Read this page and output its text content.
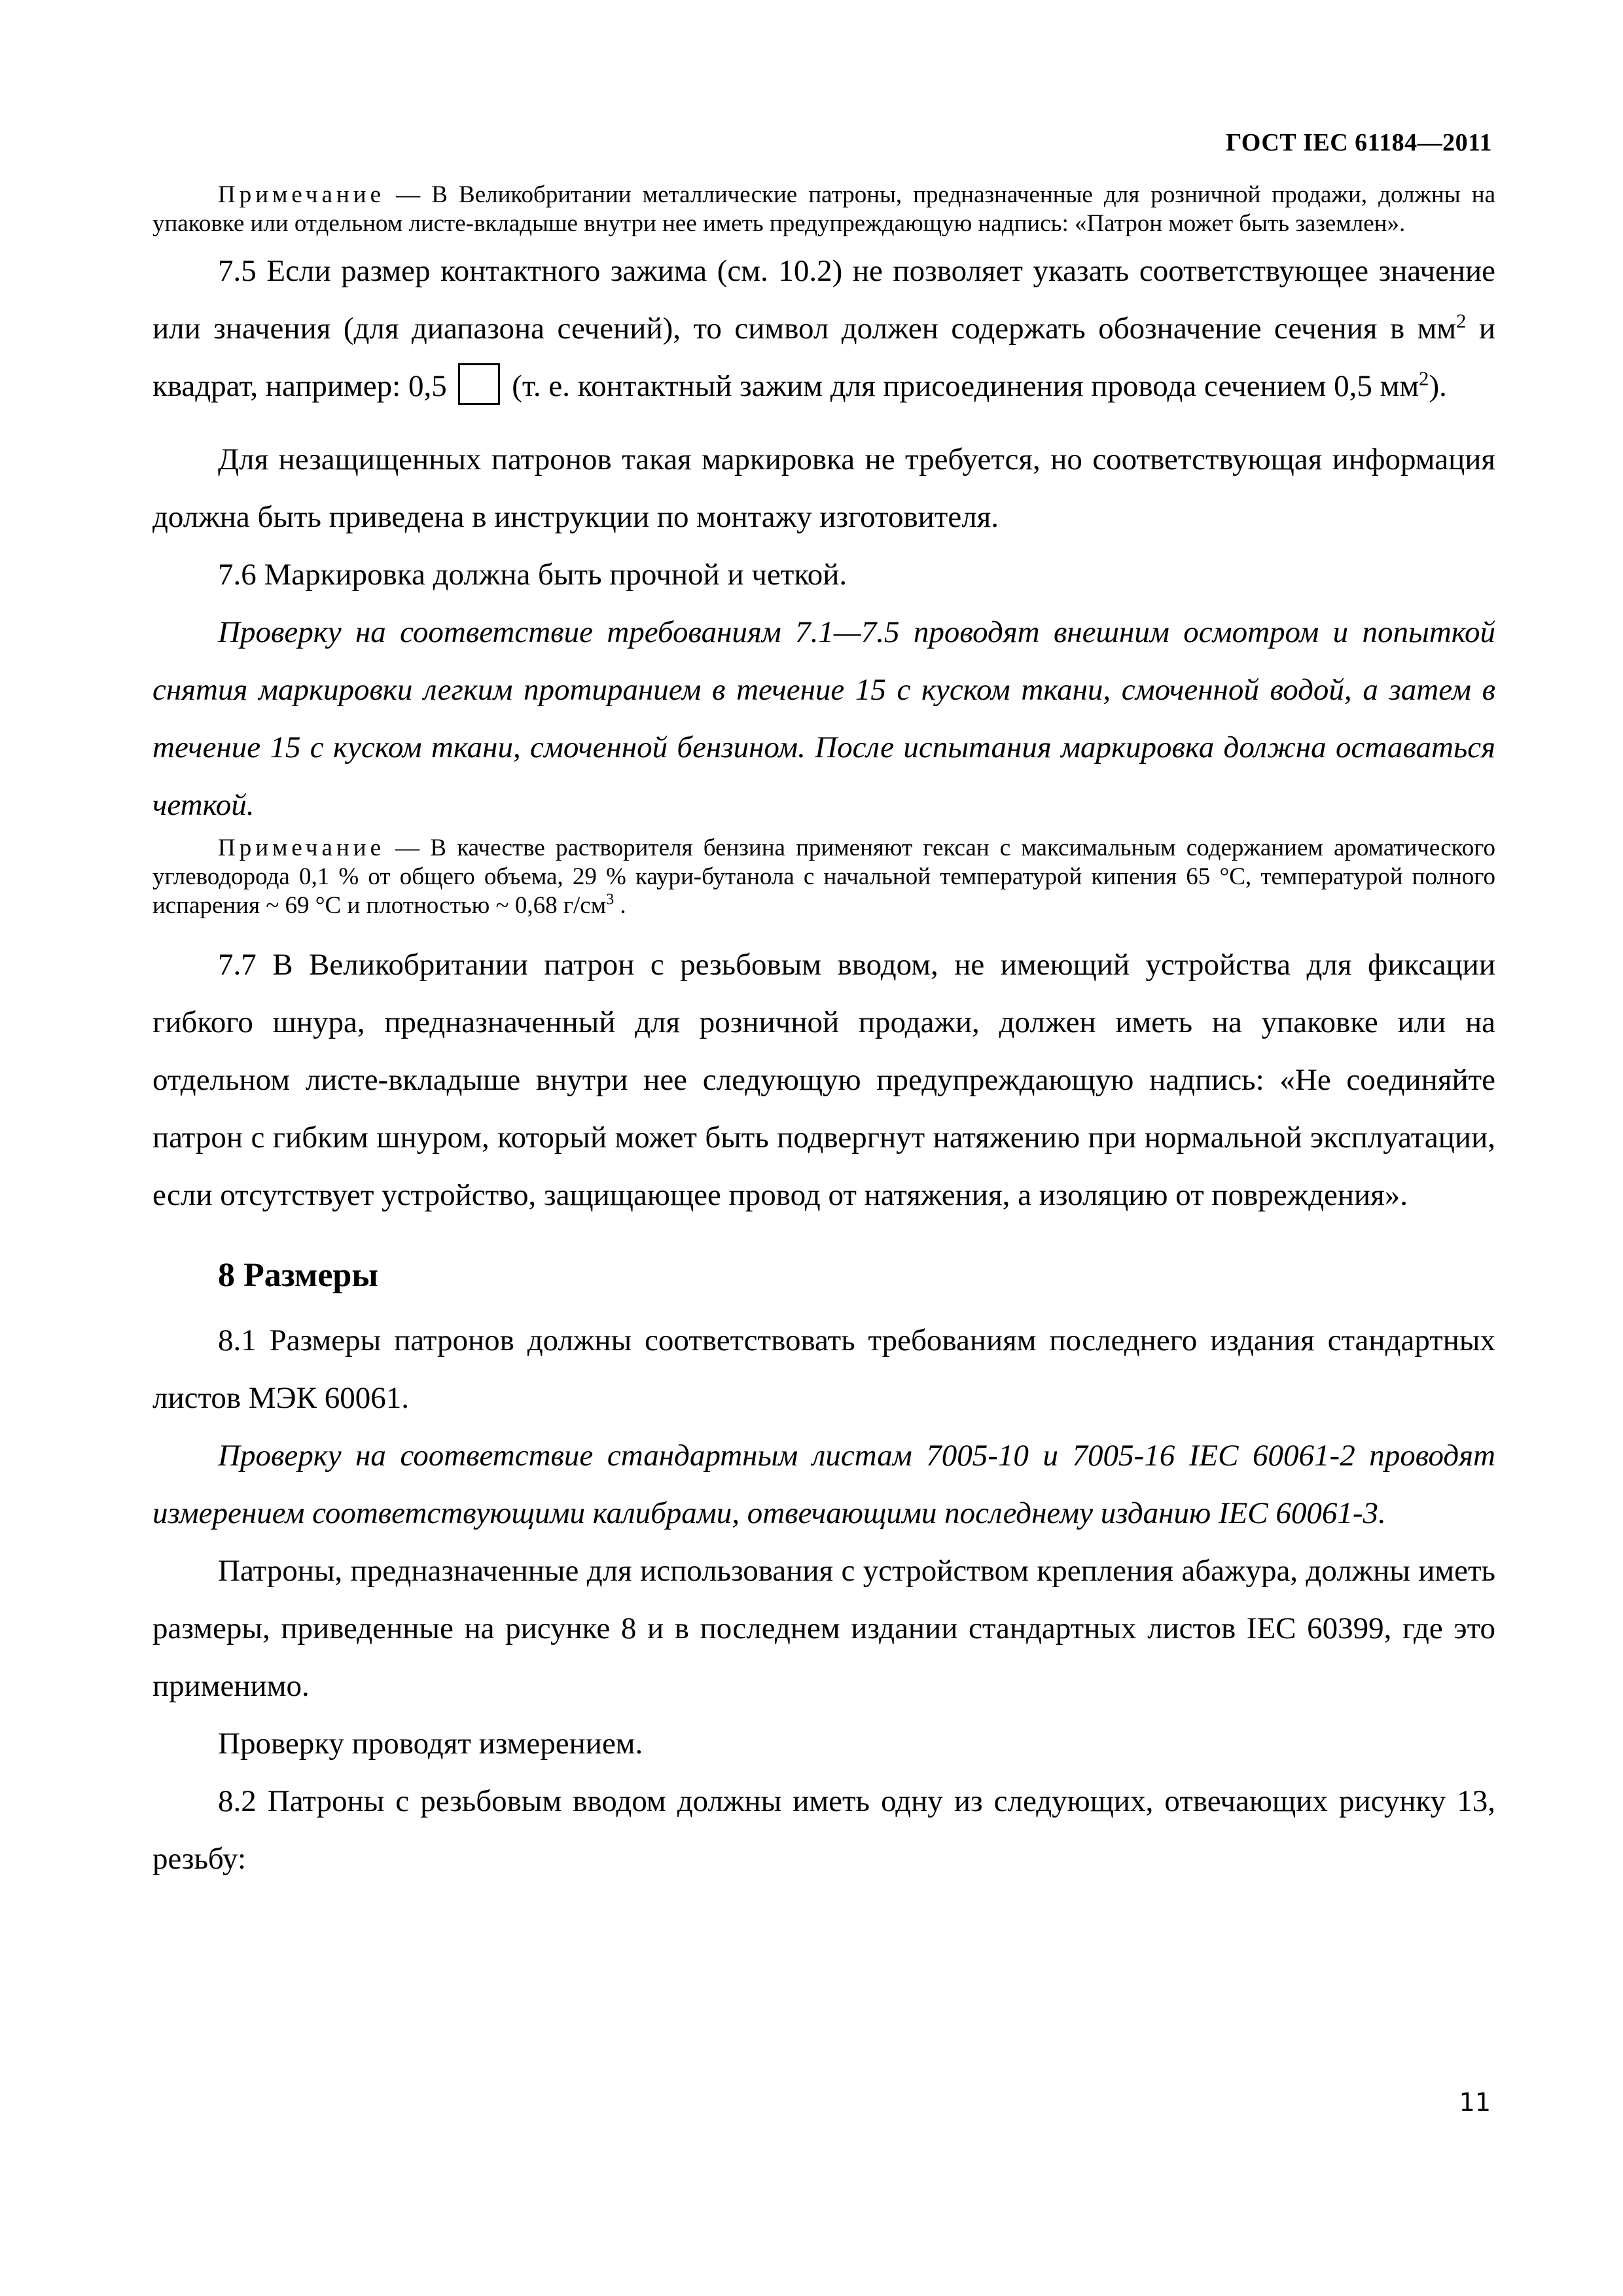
ГОСТ IEC 61184—2011

Примечание — В Великобритании металлические патроны, предназначенные для розничной продажи, должны на упаковке или отдельном листе-вкладыше внутри нее иметь предупреждающую надпись: «Патрон может быть заземлен».

7.5 Если размер контактного зажима (см. 10.2) не позволяет указать соответствующее значение или значения (для диапазона сечений), то символ должен содержать обозначение сечения в $мм^2$ и квадрат, например: 0,5  (т. е. контактный зажим для присоединения провода сечением 0,5 $мм^2$).

Для незащищенных патронов такая маркировка не требуется, но соответствующая информация должна быть приведена в инструкции по монтажу изготовителя.

7.6 Маркировка должна быть прочной и четкой.

Проверку на соответствие требованиям 7.1—7.5 проводят внешним осмотром и попыткой снятия маркировки легким протиранием в течение 15 с куском ткани, смоченной водой, а затем в течение 15 с куском ткани, смоченной бензином. После испытания маркировка должна оставаться четкой.

Примечание — В качестве растворителя бензина применяют гексан с максимальным содержанием ароматического углеводорода 0,1 % от общего объема, 29 % каури-бутанола с начальной температурой кипения 65 °С, температурой полного испарения ~ 69 °С и плотностью ~ 0,68 $г/см^3$ .

7.7 В Великобритании патрон с резьбовым вводом, не имеющий устройства для фиксации гибкого шнура, предназначенный для розничной продажи, должен иметь на упаковке или на отдельном листе-вкладыше внутри нее следующую предупреждающую надпись: «Не соединяйте патрон с гибким шнуром, который может быть подвергнут натяжению при нормальной эксплуатации, если отсутствует устройство, защищающее провод от натяжения, а изоляцию от повреждения».

8 Размеры

8.1 Размеры патронов должны соответствовать требованиям последнего издания стандартных листов МЭК 60061.

Проверку на соответствие стандартным листам 7005-10 и 7005-16 IEC 60061-2 проводят измерением соответствующими калибрами, отвечающими последнему изданию IEC 60061-3.

Патроны, предназначенные для использования с устройством крепления абажура, должны иметь размеры, приведенные на рисунке 8 и в последнем издании стандартных листов IEC 60399, где это применимо.

Проверку проводят измерением.

8.2 Патроны с резьбовым вводом должны иметь одну из следующих, отвечающих рисунку 13, резьбу:

11
